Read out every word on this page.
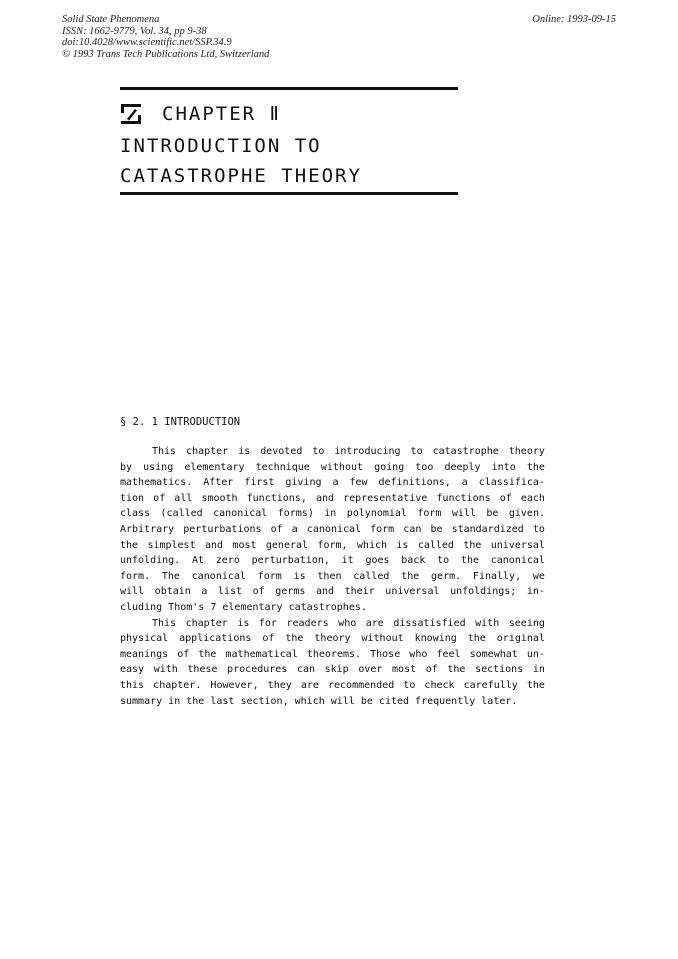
Solid State Phenomena
ISSN: 1662-9779, Vol. 34, pp 9-38
doi:10.4028/www.scientific.net/SSP.34.9
© 1993 Trans Tech Publications Ltd, Switzerland
Online: 1993-09-15
CHAPTER Ⅱ
INTRODUCTION TO CATASTROPHE THEORY
§ 2. 1 INTRODUCTION
This chapter is devoted to introducing to catastrophe theory
by using elementary technique without going too deeply into the
mathematics. After first giving a few definitions, a classifica-
tion of all smooth functions, and representative functions of each
class (called canonical forms) in polynomial form will be given.
Arbitrary perturbations of a canonical form can be standardized to
the simplest and most general form, which is called the universal
unfolding. At zero perturbation, it goes back to the canonical
form. The canonical form is then called the germ. Finally, we
will obtain a list of germs and their universal unfoldings; in-
cluding Thom's 7 elementary catastrophes.
This chapter is for readers who are dissatisfied with seeing
physical applications of the theory without knowing the original
meanings of the mathematical theorems. Those who feel somewhat un-
easy with these procedures can skip over most of the sections in
this chapter. However, they are recommended to check carefully the
summary in the last section, which will be cited frequently later.
